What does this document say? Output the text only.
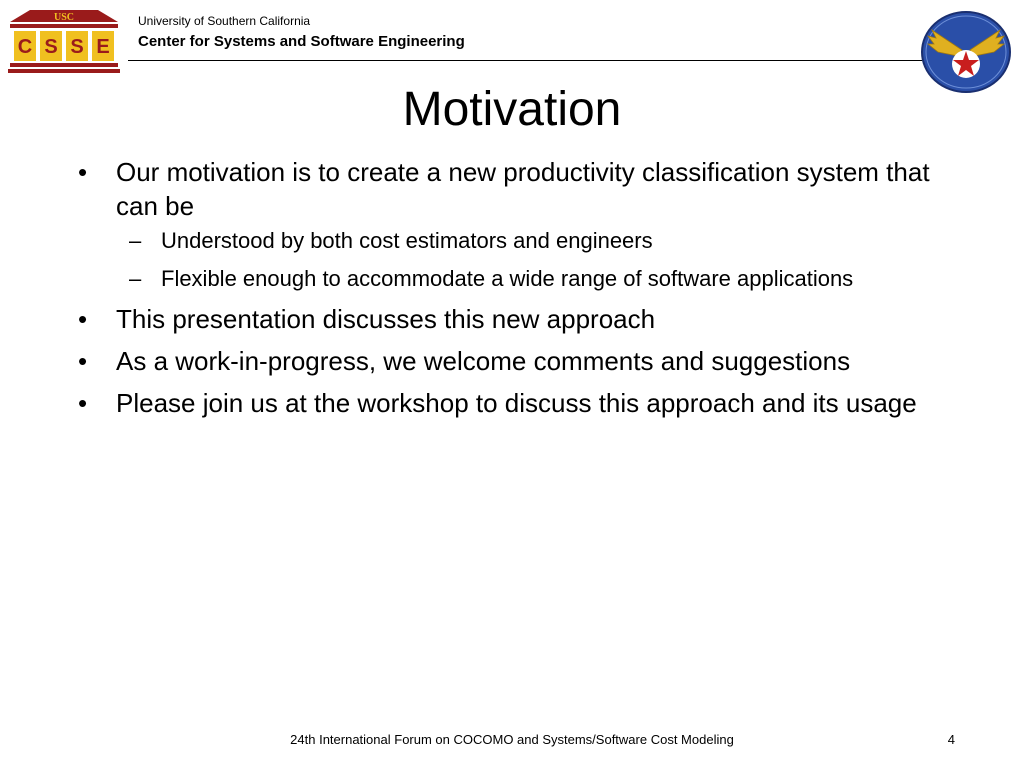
USC
C S S E
University of Southern California
Center for Systems and Software Engineering
Motivation
• Our motivation is to create a new productivity classification system that can be
– Understood by both cost estimators and engineers
– Flexible enough to accommodate a wide range of software applications
• This presentation discusses this new approach
• As a work-in-progress, we welcome comments and suggestions
• Please join us at the workshop to discuss this approach and its usage
24th International Forum on COCOMO and Systems/Software Cost Modeling	4
